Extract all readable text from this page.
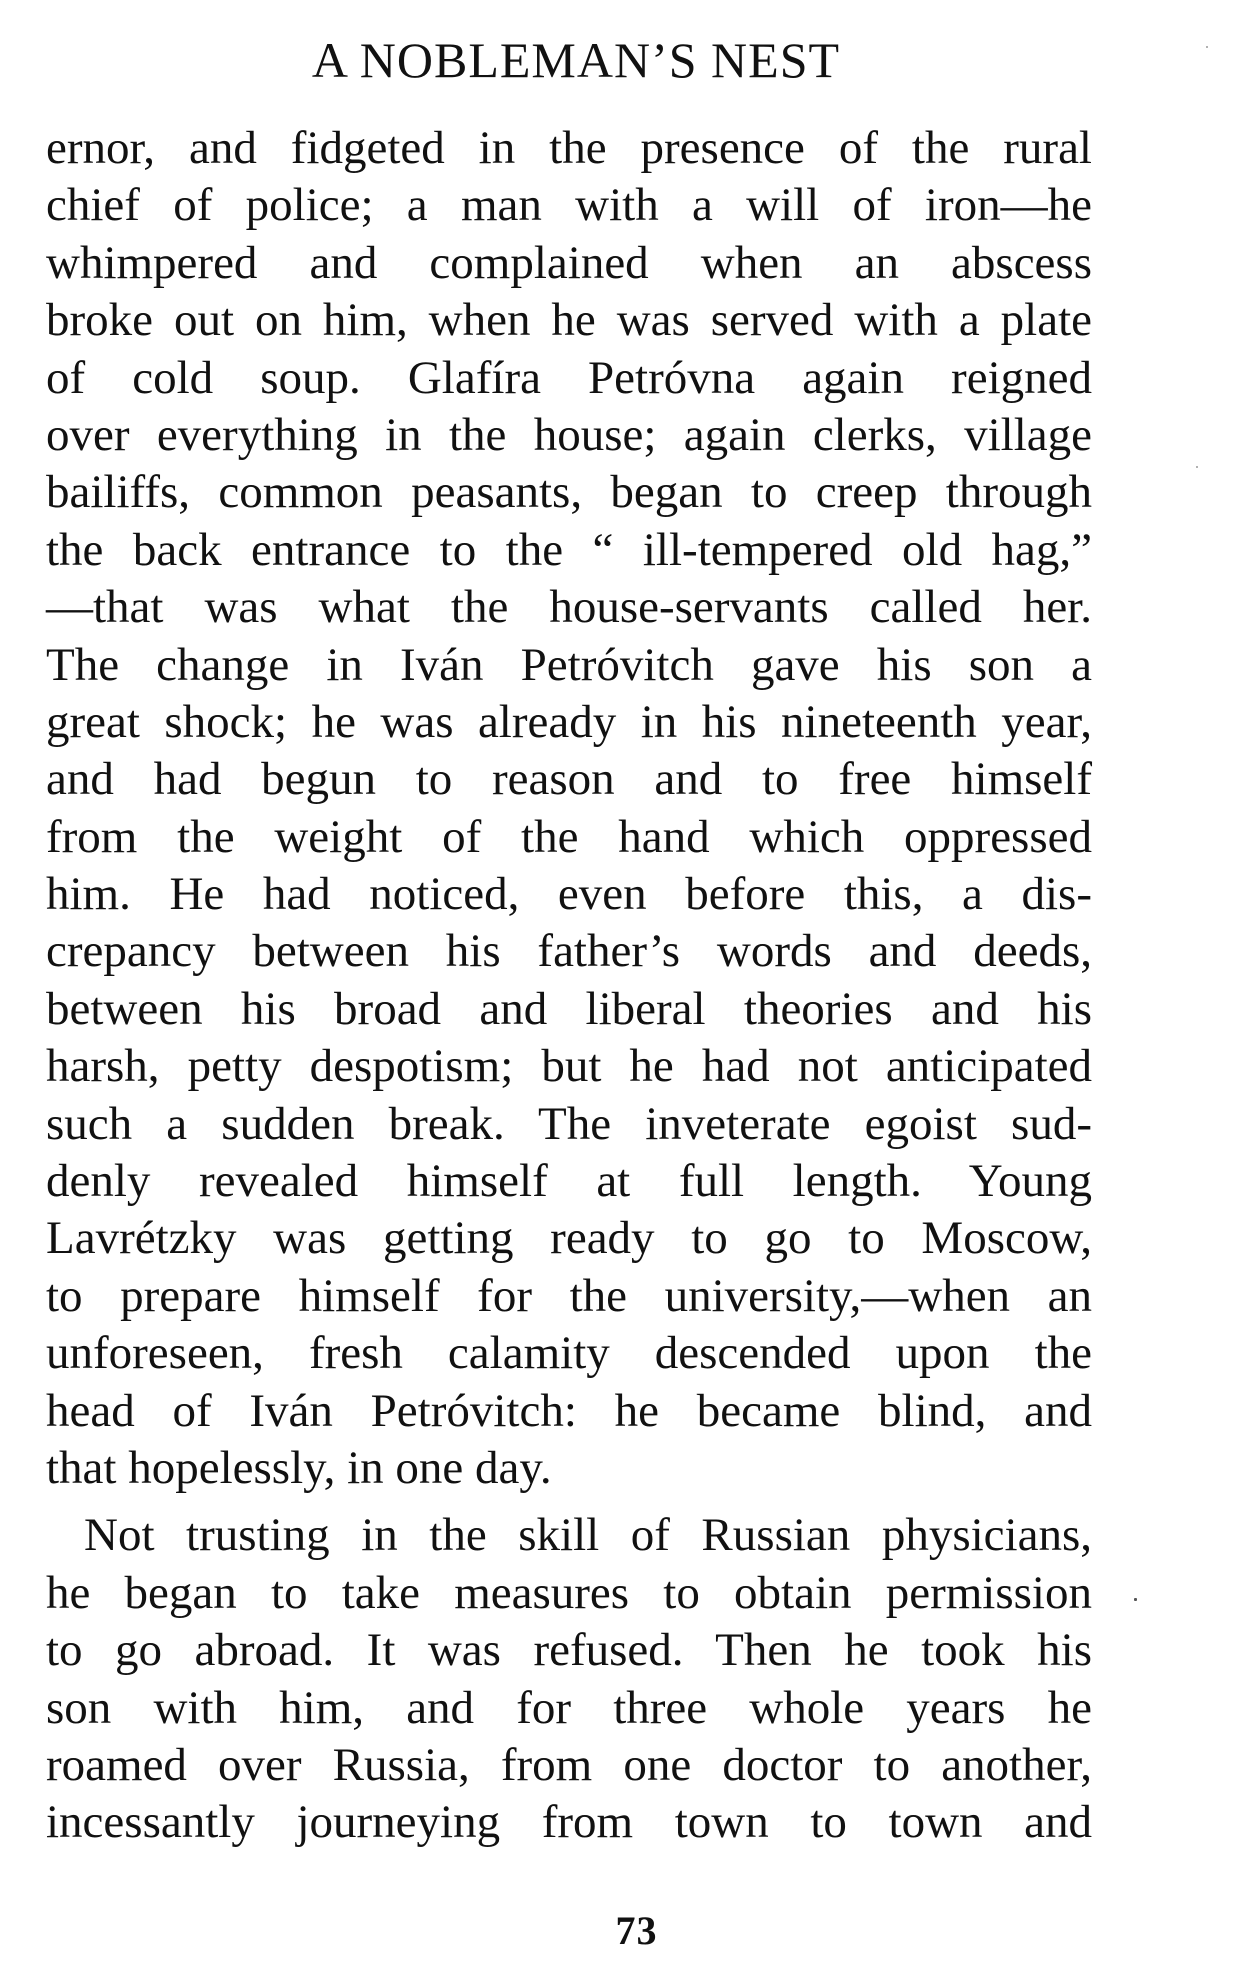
A NOBLEMAN’S NEST
ernor, and fidgeted in the presence of the rural
chief of police; a man with a will of iron—he
whimpered and complained when an abscess
broke out on him, when he was served with a plate
of cold soup. Glafíra Petróvna again reigned
over everything in the house; again clerks, village
bailiffs, common peasants, began to creep through
the back entrance to the “ ill-tempered old hag,”
—that was what the house-servants called her.
The change in Iván Petróvitch gave his son a
great shock; he was already in his nineteenth year,
and had begun to reason and to free himself
from the weight of the hand which oppressed
him. He had noticed, even before this, a dis-
crepancy between his father’s words and deeds,
between his broad and liberal theories and his
harsh, petty despotism; but he had not anticipated
such a sudden break. The inveterate egoist sud-
denly revealed himself at full length. Young
Lavrétzky was getting ready to go to Moscow,
to prepare himself for the university,—when an
unforeseen, fresh calamity descended upon the
head of Iván Petróvitch: he became blind, and
that hopelessly, in one day.
Not trusting in the skill of Russian physicians,
he began to take measures to obtain permission
to go abroad. It was refused. Then he took his
son with him, and for three whole years he
roamed over Russia, from one doctor to another,
incessantly journeying from town to town and
73
